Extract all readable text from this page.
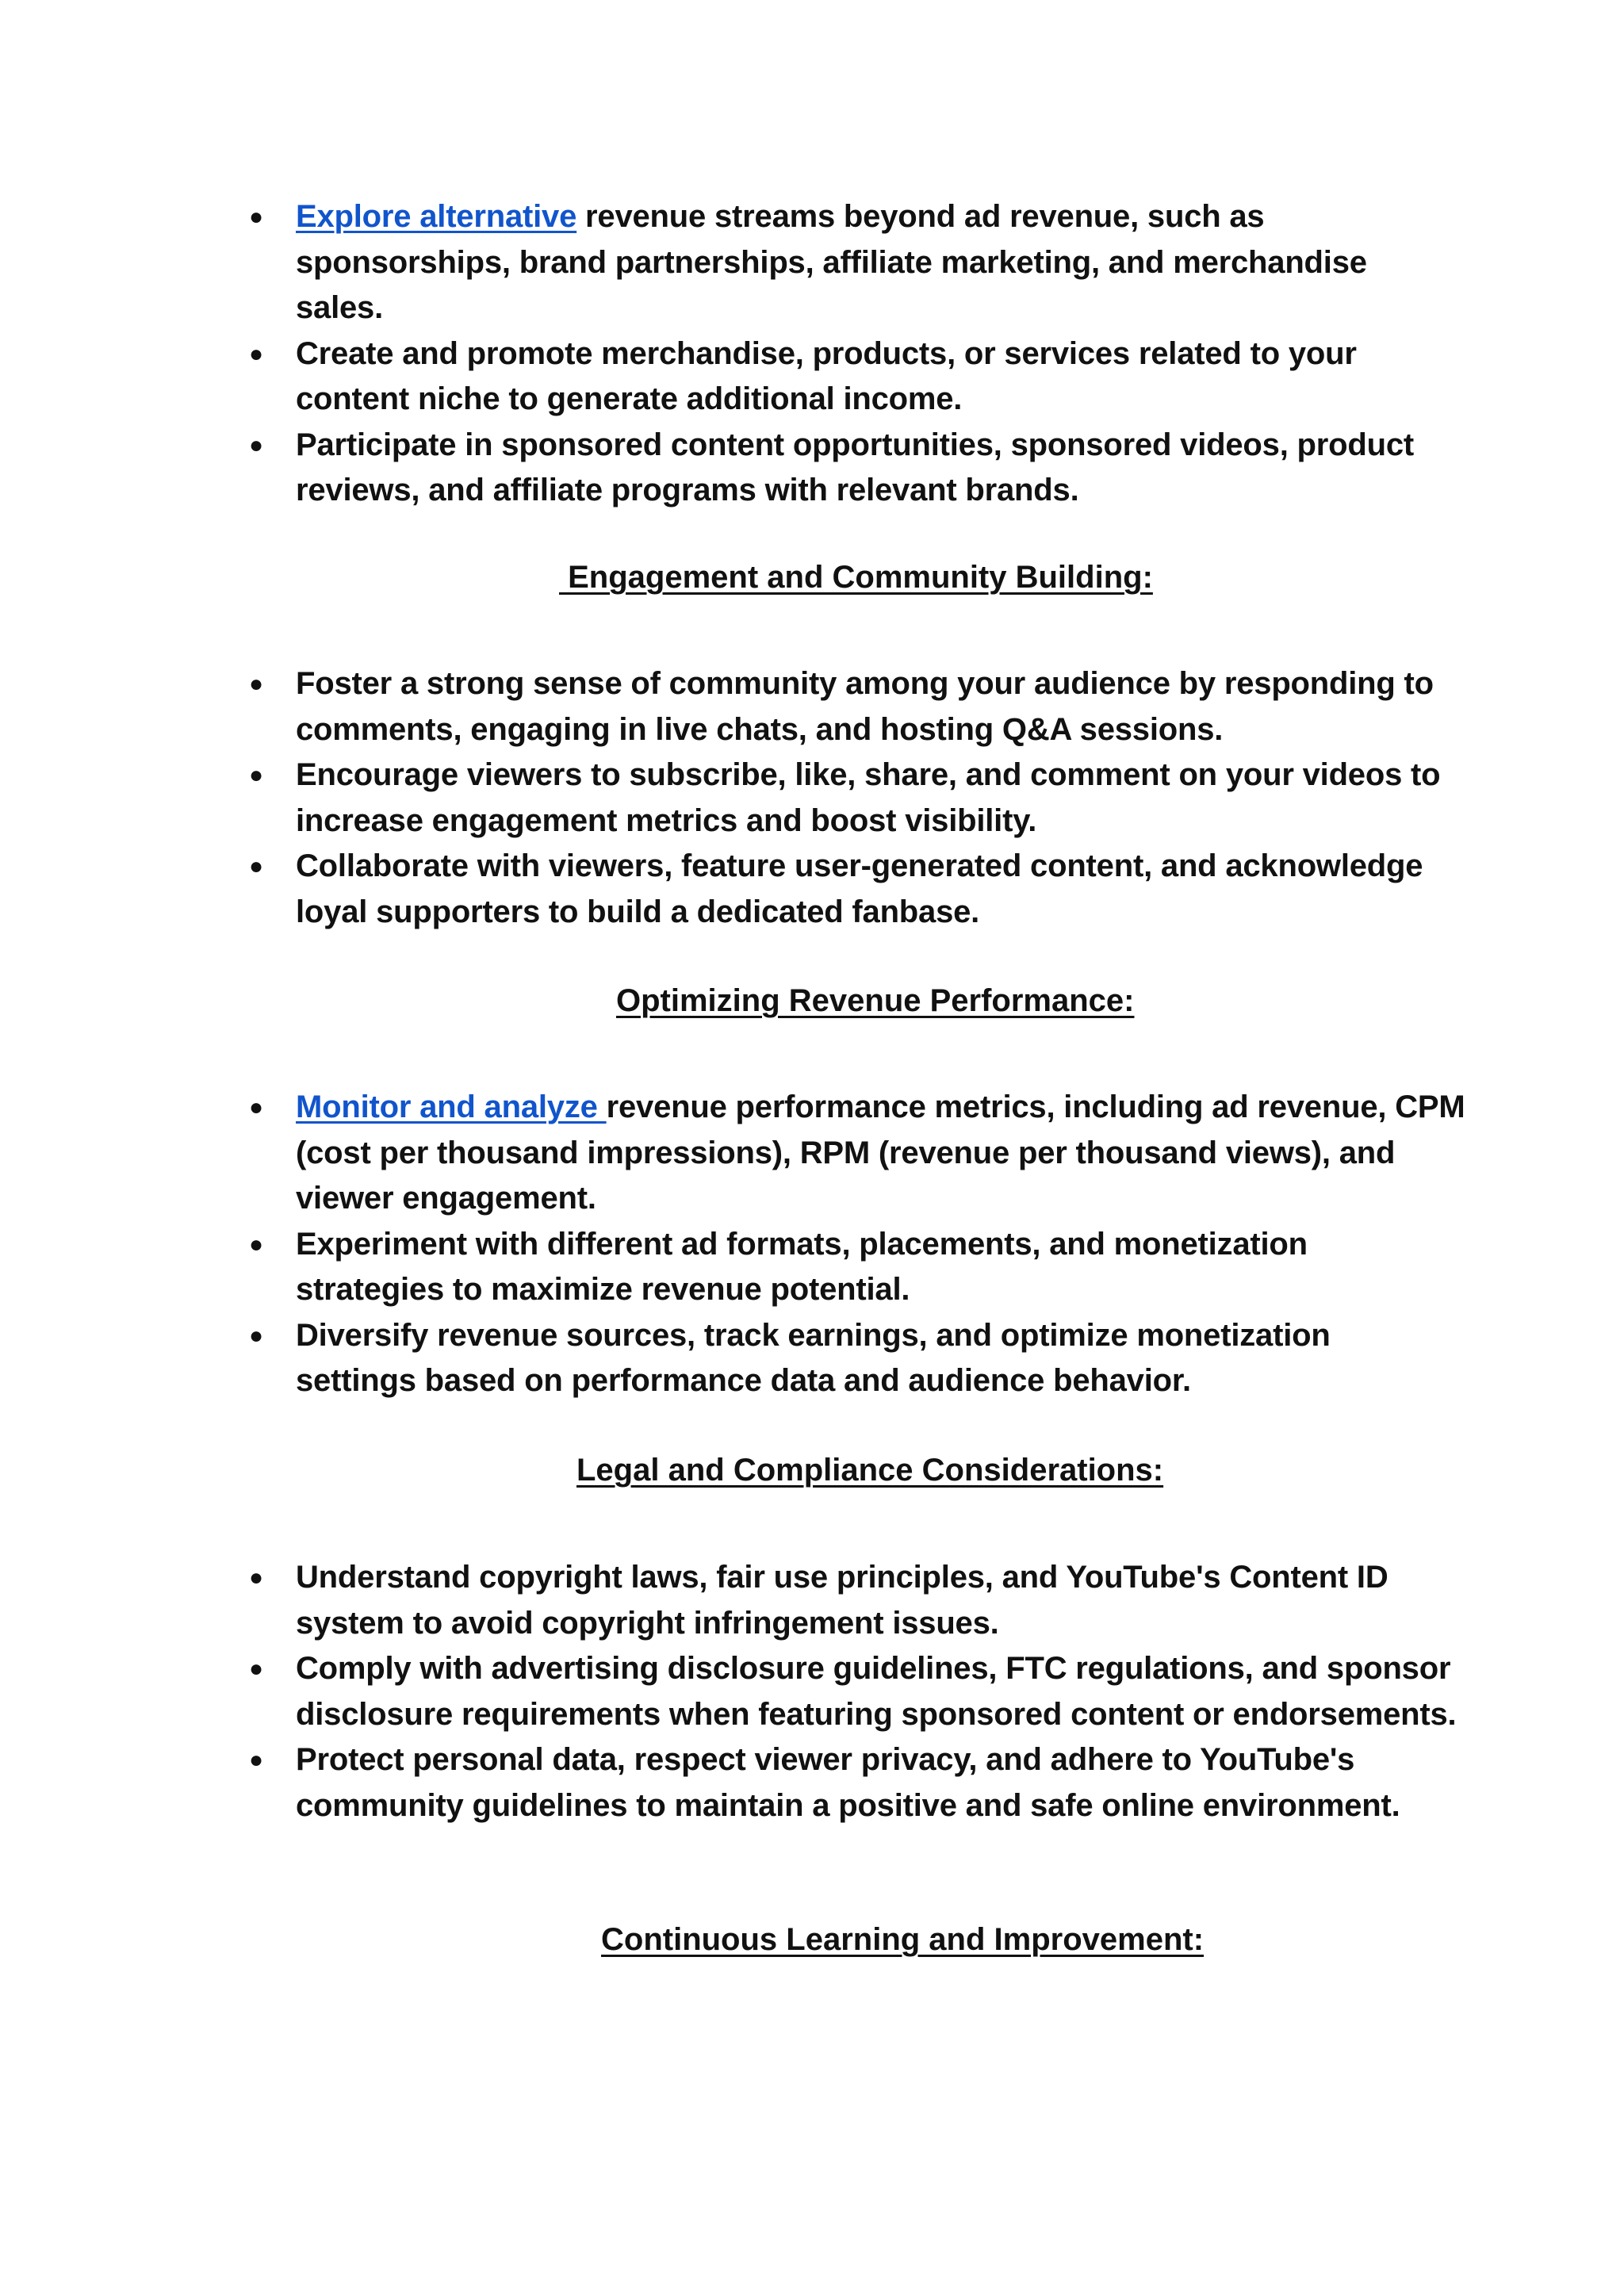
● Explore alternative revenue streams beyond ad revenue, such as sponsorships, brand partnerships, affiliate marketing, and merchandise sales.
● Create and promote merchandise, products, or services related to your content niche to generate additional income.
● Participate in sponsored content opportunities, sponsored videos, product reviews, and affiliate programs with relevant brands.
Engagement and Community Building:
● Foster a strong sense of community among your audience by responding to comments, engaging in live chats, and hosting Q&A sessions.
● Encourage viewers to subscribe, like, share, and comment on your videos to increase engagement metrics and boost visibility.
● Collaborate with viewers, feature user-generated content, and acknowledge loyal supporters to build a dedicated fanbase.
Optimizing Revenue Performance:
● Monitor and analyze revenue performance metrics, including ad revenue, CPM (cost per thousand impressions), RPM (revenue per thousand views), and viewer engagement.
● Experiment with different ad formats, placements, and monetization strategies to maximize revenue potential.
● Diversify revenue sources, track earnings, and optimize monetization settings based on performance data and audience behavior.
Legal and Compliance Considerations:
● Understand copyright laws, fair use principles, and YouTube's Content ID system to avoid copyright infringement issues.
● Comply with advertising disclosure guidelines, FTC regulations, and sponsor disclosure requirements when featuring sponsored content or endorsements.
● Protect personal data, respect viewer privacy, and adhere to YouTube's community guidelines to maintain a positive and safe online environment.
Continuous Learning and Improvement:
